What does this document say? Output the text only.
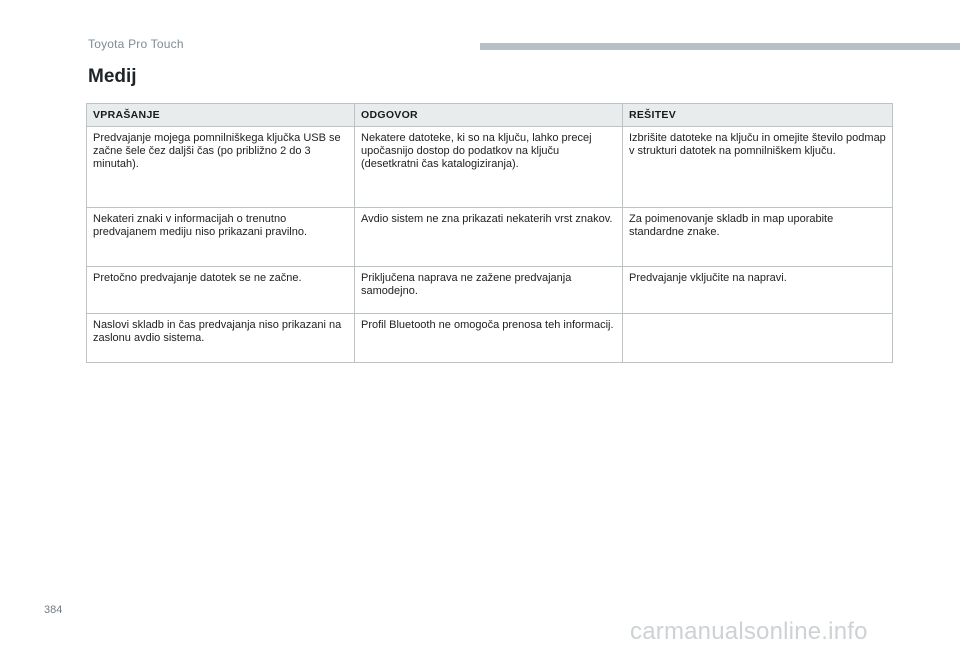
Toyota Pro Touch
Medij
VPRAŠANJE	ODGOVOR	REŠITEV
Predvajanje mojega pomnilniškega ključka USB se začne šele čez daljši čas (po približno 2 do 3 minutah).	Nekatere datoteke, ki so na ključu, lahko precej upočasnijo dostop do podatkov na ključu (desetkratni čas katalogiziranja).	Izbrišite datoteke na ključu in omejite število podmap v strukturi datotek na pomnilniškem ključu.
Nekateri znaki v informacijah o trenutno predvajanem mediju niso prikazani pravilno.	Avdio sistem ne zna prikazati nekaterih vrst znakov.	Za poimenovanje skladb in map uporabite standardne znake.
Pretočno predvajanje datotek se ne začne.	Priključena naprava ne zažene predvajanja samodejno.	Predvajanje vključite na napravi.
Naslovi skladb in čas predvajanja niso prikazani na zaslonu avdio sistema.	Profil Bluetooth ne omogoča prenosa teh informacij.	
384
carmanualsonline.info
